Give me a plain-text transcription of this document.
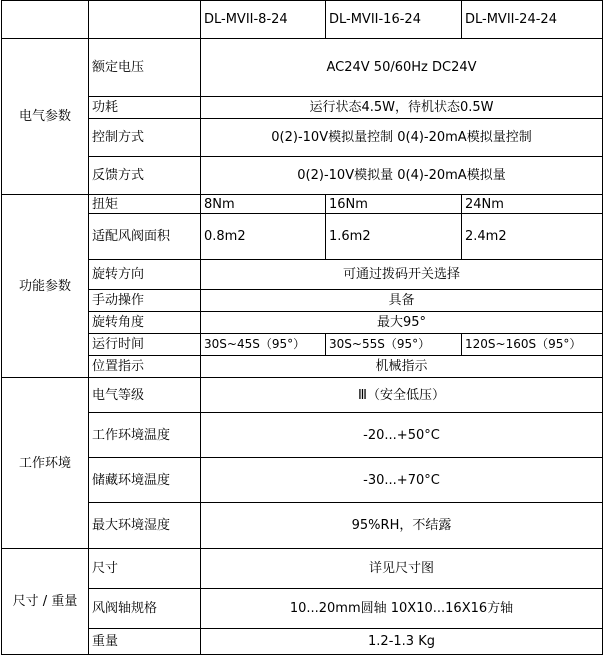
		DL-MVII-8-24	DL-MVII-16-24	DL-MVII-24-24
电气参数	额定电压	AC24V 50/60Hz DC24V		
	功耗	运行状态4.5W，待机状态0.5W		
	控制方式	0(2)-10V模拟量控制 0(4)-20mA模拟量控制		
	反馈方式	0(2)-10V模拟量 0(4)-20mA模拟量		
功能参数	扭矩	8Nm	16Nm	24Nm
	适配风阀面积	0.8m2	1.6m2	2.4m2
	旋转方向	可通过拨码开关选择		
	手动操作	具备		
	旋转角度	最大95°		
	运行时间	30S~45S（95°）	30S~55S（95°）	120S~160S（95°）
	位置指示	机械指示		
工作环境	电气等级	Ⅲ（安全低压）		
	工作环境温度	-20...+50°C		
	储藏环境温度	-30...+70°C		
	最大环境湿度	95%RH，不结露		
尺寸 / 重量	尺寸	详见尺寸图		
	风阀轴规格	10...20mm圆轴 10X10...16X16方轴		
	重量	1.2-1.3 Kg		
